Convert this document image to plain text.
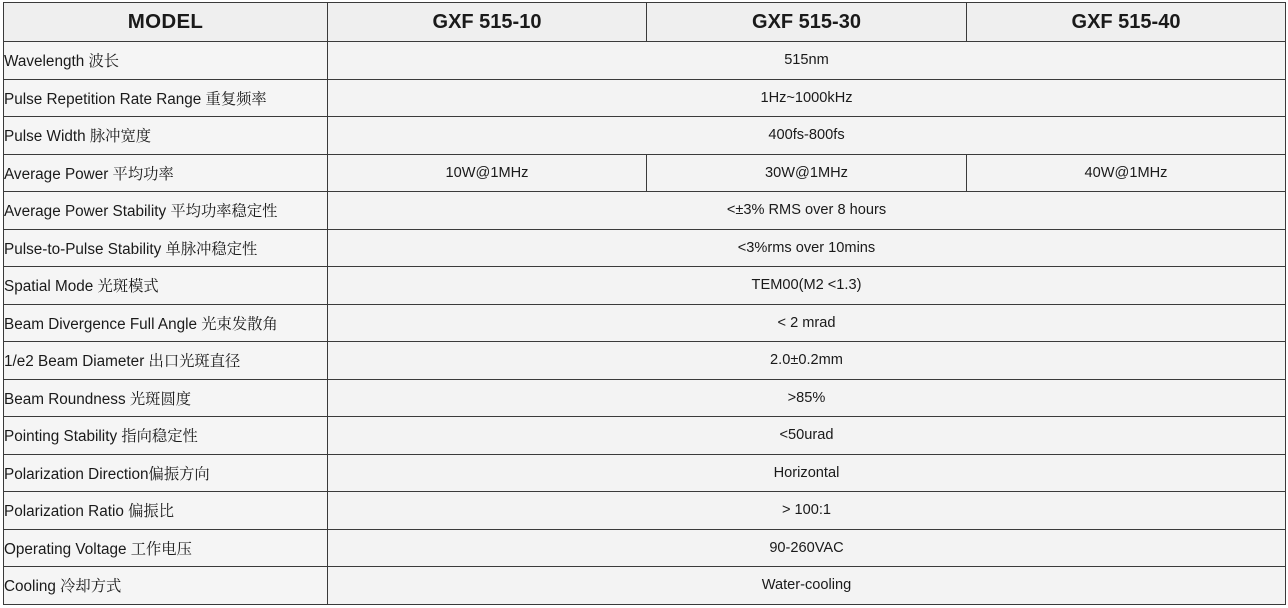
MODEL	GXF 515-10	GXF 515-30	GXF 515-40
Wavelength 波长	515nm		
Pulse Repetition Rate Range 重复频率	1Hz~1000kHz		
Pulse Width 脉冲宽度	400fs-800fs		
Average Power 平均功率	10W@1MHz	30W@1MHz	40W@1MHz
Average Power Stability 平均功率稳定性	<±3% RMS over 8 hours		
Pulse-to-Pulse Stability 单脉冲稳定性	<3%rms over 10mins		
Spatial Mode 光斑模式	TEM00(M2 <1.3)		
Beam Divergence Full Angle 光束发散角	< 2 mrad		
1/e2 Beam Diameter 出口光斑直径	2.0±0.2mm		
Beam Roundness 光斑圆度	>85%		
Pointing Stability 指向稳定性	<50urad		
Polarization Direction偏振方向	Horizontal		
Polarization Ratio 偏振比	> 100:1		
Operating Voltage 工作电压	90-260VAC		
Cooling 冷却方式	Water-cooling		
